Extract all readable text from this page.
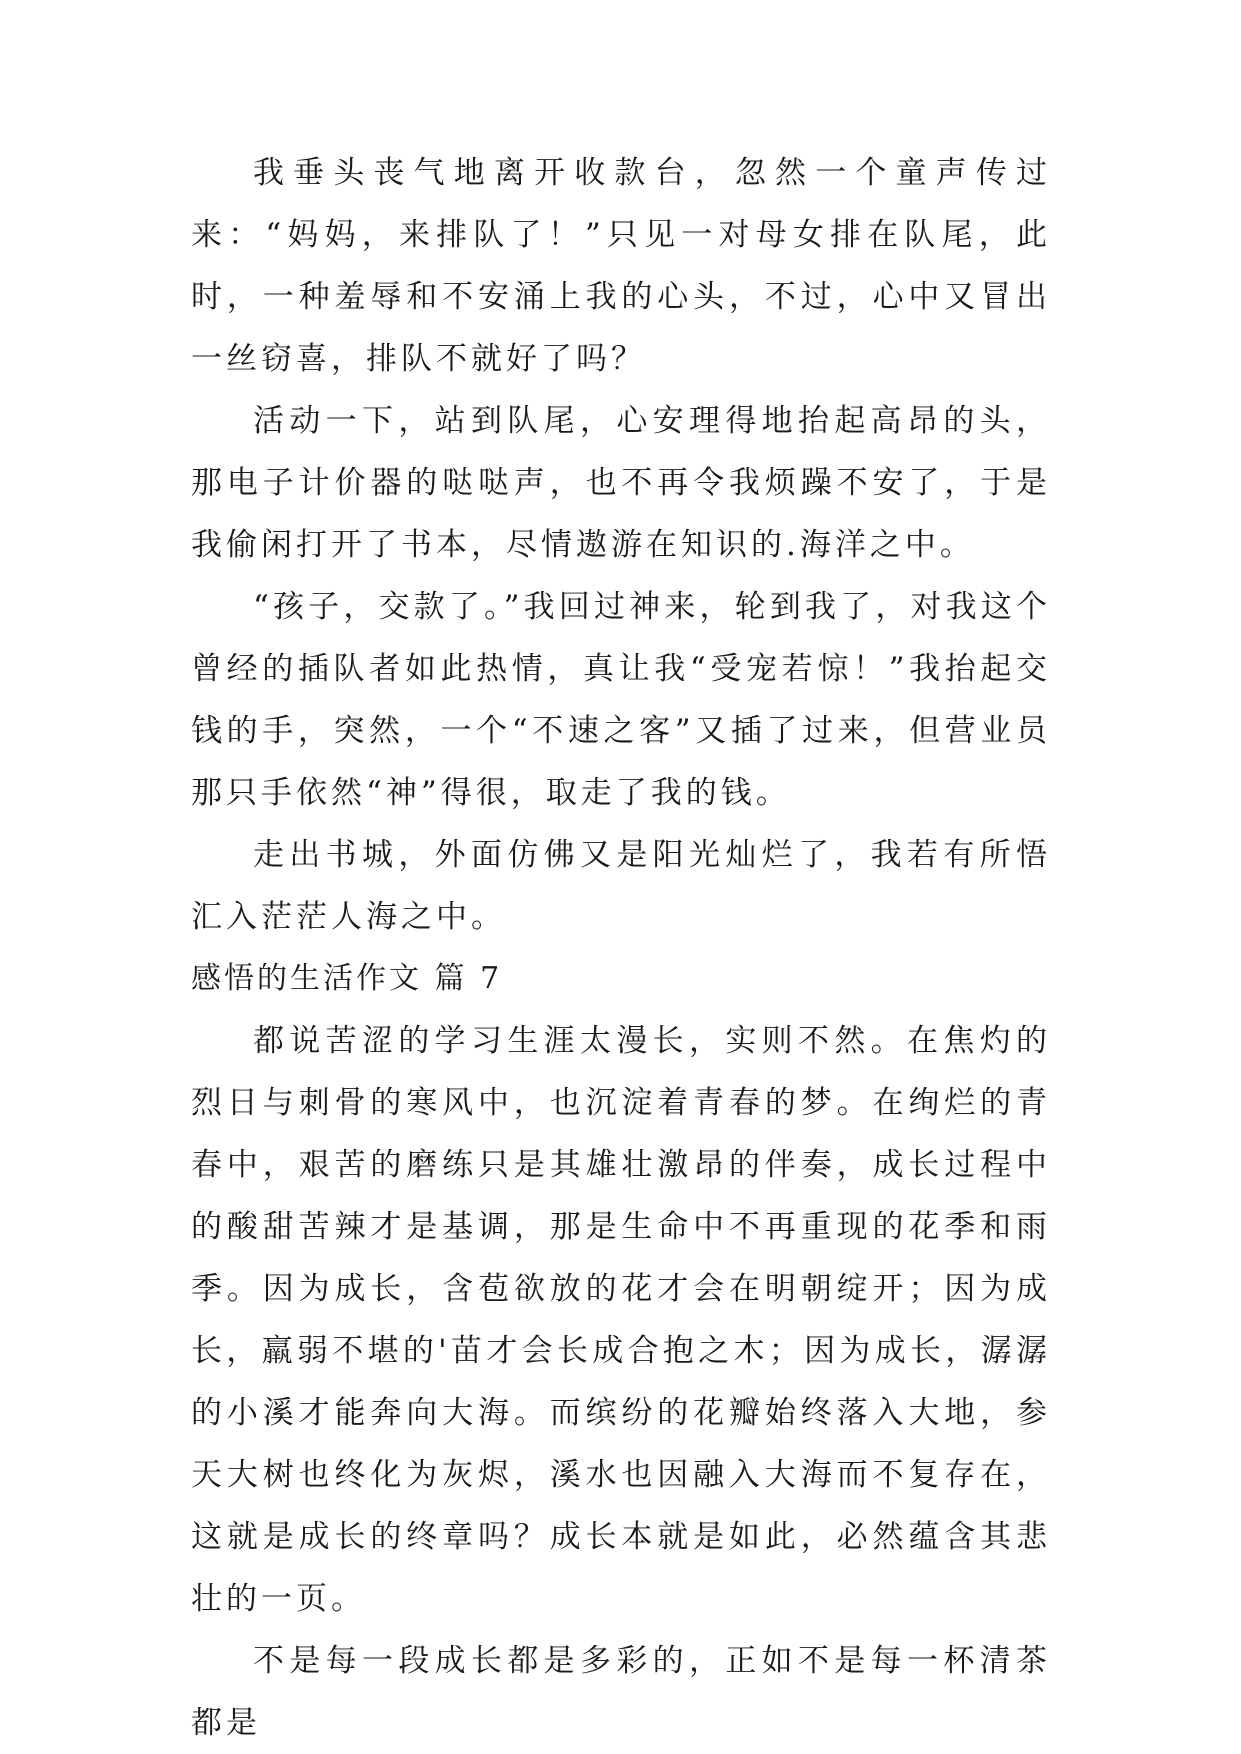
我垂头丧气地离开收款台，忽然一个童声传过来：“妈妈，来排队了！”只见一对母女排在队尾，此时，一种羞辱和不安涌上我的心头，不过，心中又冒出一丝窃喜，排队不就好了吗？

活动一下，站到队尾，心安理得地抬起高昂的头，那电子计价器的哒哒声，也不再令我烦躁不安了，于是我偷闲打开了书本，尽情遨游在知识的.海洋之中。

“孩子，交款了。”我回过神来，轮到我了，对我这个曾经的插队者如此热情，真让我“受宠若惊！”我抬起交钱的手，突然，一个“不速之客”又插了过来，但营业员那只手依然“神”得很，取走了我的钱。

走出书城，外面仿佛又是阳光灿烂了，我若有所悟汇入茫茫人海之中。

感悟的生活作文 篇 7

都说苦涩的学习生涯太漫长，实则不然。在焦灼的烈日与刺骨的寒风中，也沉淀着青春的梦。在绚烂的青春中，艰苦的磨练只是其雄壮激昂的伴奏，成长过程中的酸甜苦辣才是基调，那是生命中不再重现的花季和雨季。因为成长，含苞欲放的花才会在明朝绽开；因为成长，羸弱不堪的'苗才会长成合抱之木；因为成长，潺潺的小溪才能奔向大海。而缤纷的花瓣始终落入大地，参天大树也终化为灰烬，溪水也因融入大海而不复存在，这就是成长的终章吗？成长本就是如此，必然蕴含其悲壮的一页。

不是每一段成长都是多彩的，正如不是每一杯清茶都是
